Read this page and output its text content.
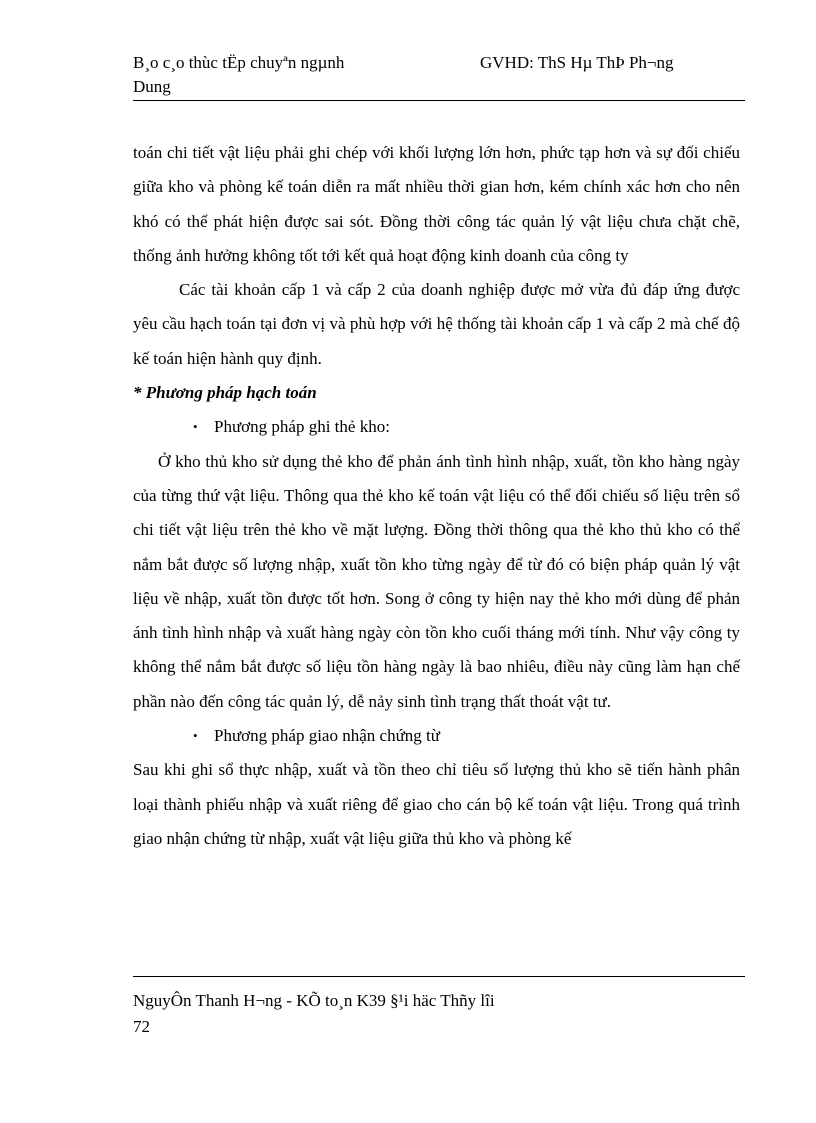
B¸o c¸o thùc tËp chuyªn ngµnh	GVHD: ThS Hµ ThÞ Ph¬ng
Dung

toán chi tiết vật liệu phải ghi chép với khối lượng lớn hơn, phức tạp hơn và sự đối chiếu giữa kho và phòng kế toán diễn ra mất nhiều thời gian hơn, kém chính xác hơn cho nên khó có thể phát hiện được sai sót. Đồng thời công tác quản lý vật liệu chưa chặt chẽ, thống ảnh hưởng không tốt tới kết quả hoạt động kinh doanh của công ty

Các tài khoản cấp 1 và cấp 2 của doanh nghiệp được mở vừa đủ đáp ứng được yêu cầu hạch toán tại đơn vị và phù hợp với hệ thống tài khoản cấp 1 và cấp 2 mà chế độ kế toán hiện hành quy định.

* Phương pháp hạch toán

• Phương pháp ghi thẻ kho:

Ở kho thủ kho sử dụng thẻ kho để phản ánh tình hình nhập, xuất, tồn kho hàng ngày của từng thứ vật liệu. Thông qua thẻ kho kế toán vật liệu có thể đối chiếu số liệu trên sổ chi tiết vật liệu trên thẻ kho về mặt lượng. Đồng thời thông qua thẻ kho thủ kho có thể nắm bắt được số lượng nhập, xuất tồn kho từng ngày để từ đó có biện pháp quản lý vật liệu về nhập, xuất tồn được tốt hơn. Song ở công ty hiện nay thẻ kho mới dùng để phản ánh tình hình nhập và xuất hàng ngày còn tồn kho cuối tháng mới tính. Như vậy công ty không thể nắm bắt được số liệu tồn hàng ngày là bao nhiêu, điều này cũng làm hạn chế phần nào đến công tác quản lý, dễ nảy sinh tình trạng thất thoát vật tư.

• Phương pháp giao nhận chứng từ

Sau khi ghi sổ thực nhập, xuất và tồn theo chỉ tiêu số lượng thủ kho sẽ tiến hành phân loại thành phiếu nhập và xuất riêng để giao cho cán bộ kế toán vật liệu. Trong quá trình giao nhận chứng từ nhập, xuất vật liệu giữa thủ kho và phòng kế

NguyÔn Thanh H¬ng - KÕ to¸n K39 §¹i häc Thñy lîi
72
